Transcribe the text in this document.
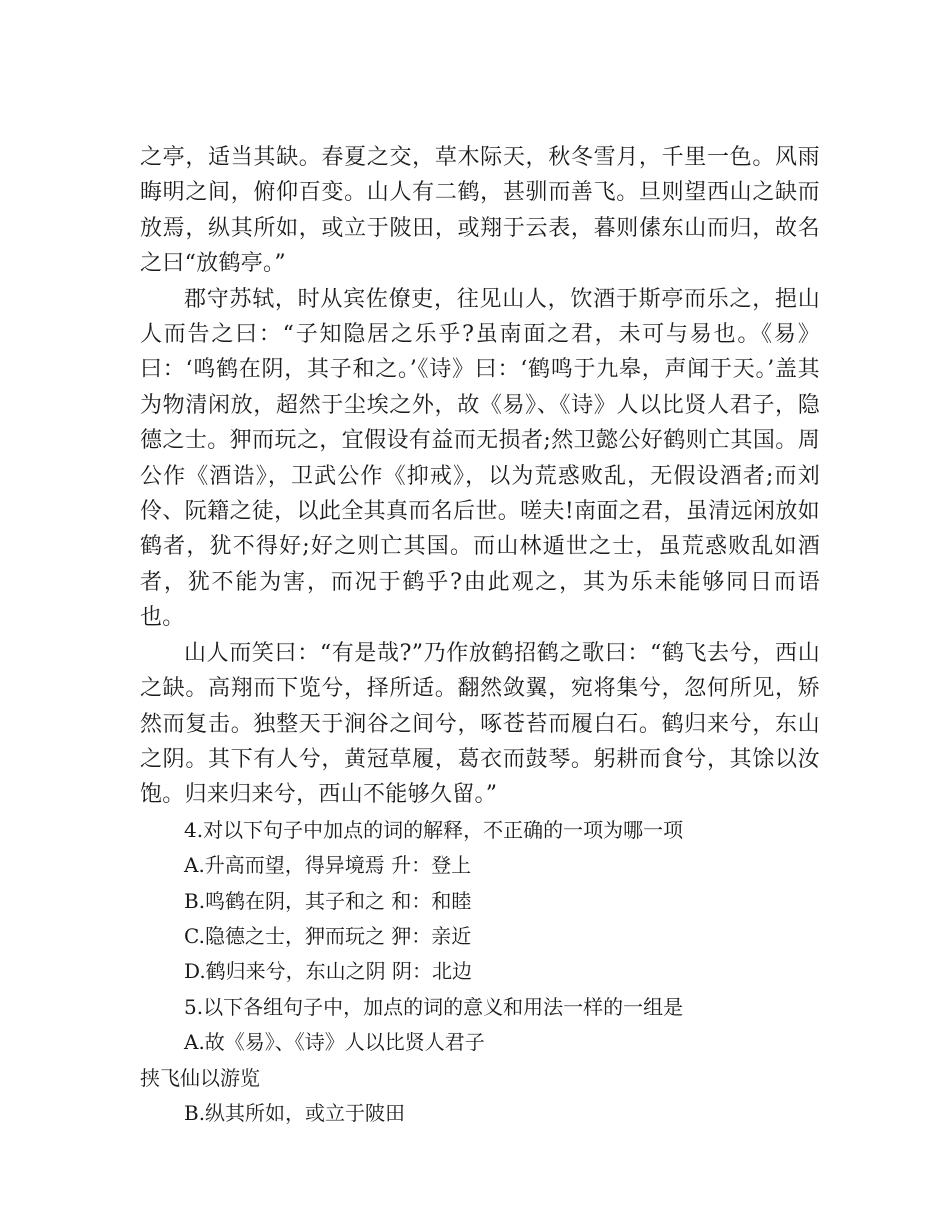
之亭，适当其缺。春夏之交，草木际天，秋冬雪月，千里一色。风雨晦明之间，俯仰百变。山人有二鹤，甚驯而善飞。旦则望西山之缺而放焉，纵其所如，或立于陂田，或翔于云表，暮则傃东山而归，故名之曰“放鹤亭。”

郡守苏轼，时从宾佐僚吏，往见山人，饮酒于斯亭而乐之，挹山人而告之曰：“子知隐居之乐乎?虽南面之君，未可与易也。《易》曰：‘鸣鹤在阴，其子和之。’《诗》曰：‘鹤鸣于九皋，声闻于天。’盖其为物清闲放，超然于尘埃之外，故《易》、《诗》人以比贤人君子，隐德之士。狎而玩之，宜假设有益而无损者;然卫懿公好鹤则亡其国。周公作《酒诰》，卫武公作《抑戒》，以为荒惑败乱，无假设酒者;而刘伶、阮籍之徒，以此全其真而名后世。嗟夫!南面之君，虽清远闲放如鹤者，犹不得好;好之则亡其国。而山林遁世之士，虽荒惑败乱如酒者，犹不能为害，而况于鹤乎?由此观之，其为乐未能够同日而语也。

山人而笑曰：“有是哉?”乃作放鹤招鹤之歌曰：“鹤飞去兮，西山之缺。高翔而下览兮，择所适。翻然敛翼，宛将集兮，忽何所见，矫然而复击。独整天于涧谷之间兮，啄苍苔而履白石。鹤归来兮，东山之阴。其下有人兮，黄冠草履，葛衣而鼓琴。躬耕而食兮，其馀以汝饱。归来归来兮，西山不能够久留。”

4.对以下句子中加点的词的解释，不正确的一项为哪一项

A.升高而望，得异境焉 升：登上

B.鸣鹤在阴，其子和之 和：和睦

C.隐德之士，狎而玩之 狎：亲近

D.鹤归来兮，东山之阴 阴：北边

5.以下各组句子中，加点的词的意义和用法一样的一组是

A.故《易》、《诗》人以比贤人君子

挟飞仙以游览

B.纵其所如，或立于陂田
